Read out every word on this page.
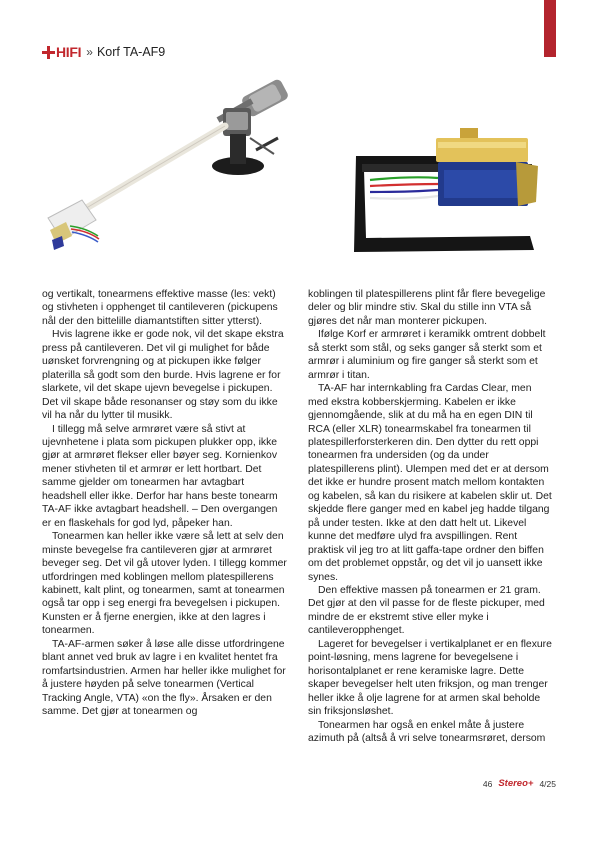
HIFI » Korf TA-AF9

og vertikalt, tonearmens effektive masse (les: vekt) og stivheten i opphenget til cantileveren (pickupens nål der den bittelille diamantstiften sitter ytterst).

Hvis lagrene ikke er gode nok, vil det skape ekstra press på cantileveren. Det vil gi mulighet for både uønsket forvrengning og at pickupen ikke følger platerilla så godt som den burde. Hvis lagrene er for slarkete, vil det skape ujevn bevegelse i pickupen. Det vil skape både resonanser og støy som du ikke vil ha når du lytter til musikk.

I tillegg må selve armrøret være så stivt at ujevnhetene i plata som pickupen plukker opp, ikke gjør at armrøret flekser eller bøyer seg. Kornienkov mener stivheten til et armrør er lett hortbart. Det samme gjelder om tonearmen har avtagbart headshell eller ikke. Derfor har hans beste tonearm TA-AF ikke avtagbart headshell. – Den overgangen er en flaskehals for god lyd, påpeker han.

Tonearmen kan heller ikke være så lett at selv den minste bevegelse fra cantileveren gjør at armrøret beveger seg. Det vil gå utover lyden. I tillegg kommer utfordringen med koblingen mellom platespillerens kabinett, kalt plint, og tonearmen, samt at tonearmen også tar opp i seg energi fra bevegelsen i pickupen. Kunsten er å fjerne energien, ikke at den lagres i tonearmen.

TA-AF-armen søker å løse alle disse utfordringene blant annet ved bruk av lagre i en kvalitet hentet fra romfartsindustrien. Armen har heller ikke mulighet for å justere høyden på selve tonearmen (Vertical Tracking Angle, VTA) «on the fly». Årsaken er den samme. Det gjør at tonearmen og

koblingen til platespillerens plint får flere bevegelige deler og blir mindre stiv. Skal du stille inn VTA så gjøres det når man monterer pickupen.

Ifølge Korf er armrøret i keramikk omtrent dobbelt så sterkt som stål, og seks ganger så sterkt som et armrør i aluminium og fire ganger så sterkt som et armrør i titan.

TA-AF har internkabling fra Cardas Clear, men med ekstra kobberskjerming. Kabelen er ikke gjennomgående, slik at du må ha en egen DIN til RCA (eller XLR) tonearmskabel fra tonearmen til platespillerforsterkeren din. Den dytter du rett oppi tonearmen fra undersiden (og da under platespillerens plint). Ulempen med det er at dersom det ikke er hundre prosent match mellom kontakten og kabelen, så kan du risikere at kabelen sklir ut. Det skjedde flere ganger med en kabel jeg hadde tilgang på under testen. Ikke at den datt helt ut. Likevel kunne det medføre ulyd fra avspillingen. Rent praktisk vil jeg tro at litt gaffa-tape ordner den biffen om det problemet oppstår, og det vil jo uansett ikke synes.

Den effektive massen på tonearmen er 21 gram. Det gjør at den vil passe for de fleste pickuper, med mindre de er ekstremt stive eller myke i cantileveropphenget.

Lageret for bevegelser i vertikalplanet er en flexure point-løsning, mens lagrene for bevegelsene i horisontalplanet er rene keramiske lagre. Dette skaper bevegelser helt uten friksjon, og man trenger heller ikke å olje lagrene for at armen skal beholde sin friksjonsløshet.

Tonearmen har også en enkel måte å justere azimuth på (altså å vri selve tonearmsrøret, dersom

46 Stereo+ 4/25
